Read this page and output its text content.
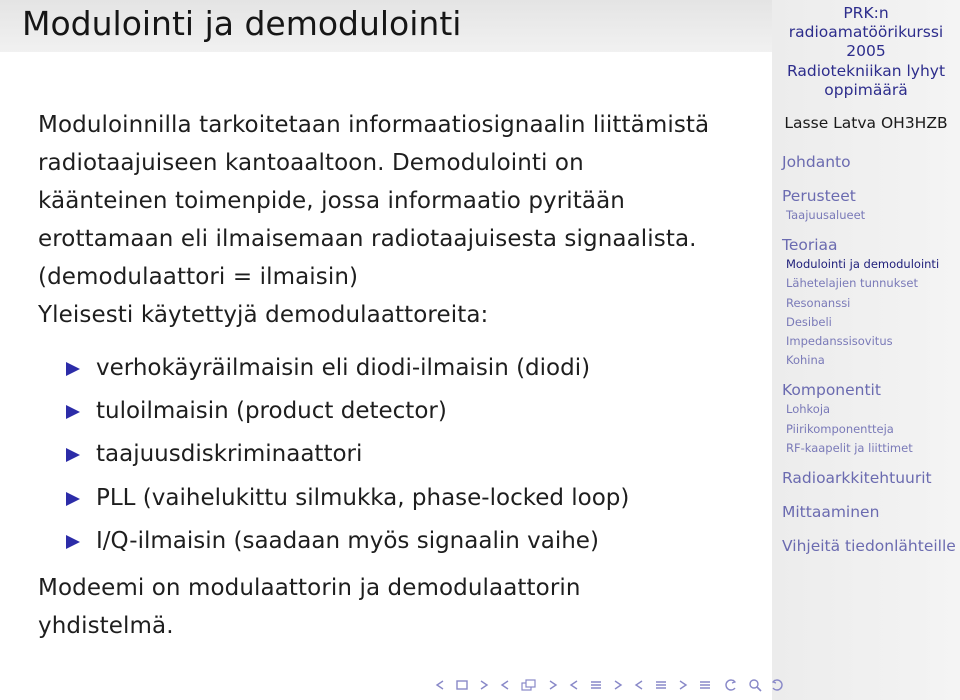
Modulointi ja demodulointi
Moduloinnilla tarkoitetaan informaatiosignaalin liittämistä
radiotaajuiseen kantoaaltoon. Demodulointi on
käänteinen toimenpide, jossa informaatio pyritään
erottamaan eli ilmaisemaan radiotaajuisesta signaalista.
(demodulaattori = ilmaisin)
Yleisesti käytettyjä demodulaattoreita:
verhokäyräilmaisin eli diodi-ilmaisin (diodi)
tuloilmaisin (product detector)
taajuusdiskriminaattori
PLL (vaihelukittu silmukka, phase-locked loop)
I/Q-ilmaisin (saadaan myös signaalin vaihe)
Modeemi on modulaattorin ja demodulaattorin
yhdistelmä.
PRK:n
radioamatöörikurssi
2005
Radiotekniikan lyhyt
oppimäärä
Lasse Latva OH3HZB
Johdanto
Perusteet
Taajuusalueet
Teoriaa
Modulointi ja demodulointi
Lähetelajien tunnukset
Resonanssi
Desibeli
Impedanssisovitus
Kohina
Komponentit
Lohkoja
Piirikomponentteja
RF-kaapelit ja liittimet
Radioarkkitehtuurit
Mittaaminen
Vihjeitä tiedonlähteille
